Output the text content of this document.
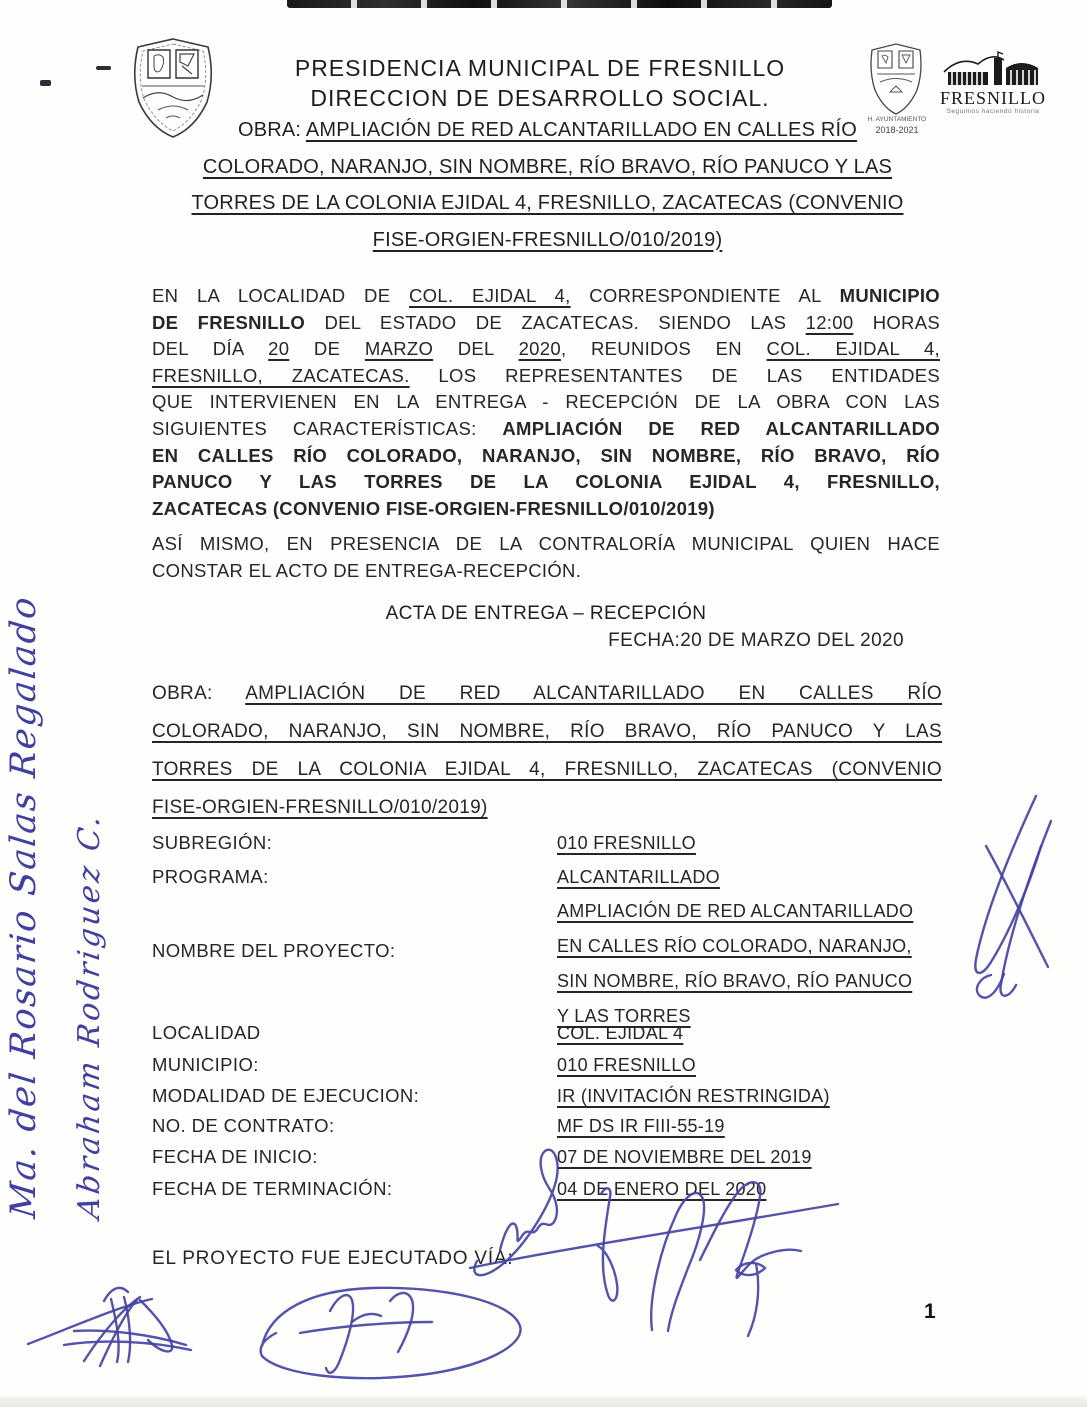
PRESIDENCIA MUNICIPAL DE FRESNILLO
DIRECCION DE DESARROLLO SOCIAL.
H. AYUNTAMIENTO
2018-2021
FRESNILLO
Seguimos haciendo historia
OBRA: AMPLIACIÓN DE RED ALCANTARILLADO EN CALLES RÍO
COLORADO, NARANJO, SIN NOMBRE, RÍO BRAVO, RÍO PANUCO Y LAS
TORRES DE LA COLONIA EJIDAL 4, FRESNILLO, ZACATECAS (CONVENIO
FISE-ORGIEN-FRESNILLO/010/2019)
EN LA LOCALIDAD DE COL. EJIDAL 4, CORRESPONDIENTE AL MUNICIPIO
DE FRESNILLO DEL ESTADO DE ZACATECAS. SIENDO LAS 12:00 HORAS
DEL DÍA 20 DE MARZO DEL 2020, REUNIDOS EN COL. EJIDAL 4,
FRESNILLO, ZACATECAS. LOS REPRESENTANTES DE LAS ENTIDADES
QUE INTERVIENEN EN LA ENTREGA - RECEPCIÓN DE LA OBRA CON LAS
SIGUIENTES CARACTERÍSTICAS: AMPLIACIÓN DE RED ALCANTARILLADO
EN CALLES RÍO COLORADO, NARANJO, SIN NOMBRE, RÍO BRAVO, RÍO
PANUCO Y LAS TORRES DE LA COLONIA EJIDAL 4, FRESNILLO,
ZACATECAS (CONVENIO FISE-ORGIEN-FRESNILLO/010/2019)
ASÍ MISMO, EN PRESENCIA DE LA CONTRALORÍA MUNICIPAL QUIEN HACE
CONSTAR EL ACTO DE ENTREGA-RECEPCIÓN.
ACTA DE ENTREGA – RECEPCIÓN
FECHA:20 DE MARZO DEL 2020
OBRA: AMPLIACIÓN DE RED ALCANTARILLADO EN CALLES RÍO
COLORADO, NARANJO, SIN NOMBRE, RÍO BRAVO, RÍO PANUCO Y LAS
TORRES DE LA COLONIA EJIDAL 4, FRESNILLO, ZACATECAS (CONVENIO
FISE-ORGIEN-FRESNILLO/010/2019)
SUBREGIÓN:	010 FRESNILLO
PROGRAMA:	ALCANTARILLADO
NOMBRE DEL PROYECTO:
AMPLIACIÓN DE RED ALCANTARILLADO
EN CALLES RÍO COLORADO, NARANJO,
SIN NOMBRE, RÍO BRAVO, RÍO PANUCO
Y LAS TORRES
LOCALIDAD	COL. EJIDAL 4
MUNICIPIO:	010 FRESNILLO
MODALIDAD DE EJECUCION:	IR (INVITACIÓN RESTRINGIDA)
NO. DE CONTRATO:	MF DS IR FIII-55-19
FECHA DE INICIO:	07 DE NOVIEMBRE DEL 2019
FECHA DE TERMINACIÓN:	04 DE ENERO DEL 2020
EL PROYECTO FUE EJECUTADO VÍA:
1
Ma. del Rosario Salas Regalado Abraham Rodriguez C.
